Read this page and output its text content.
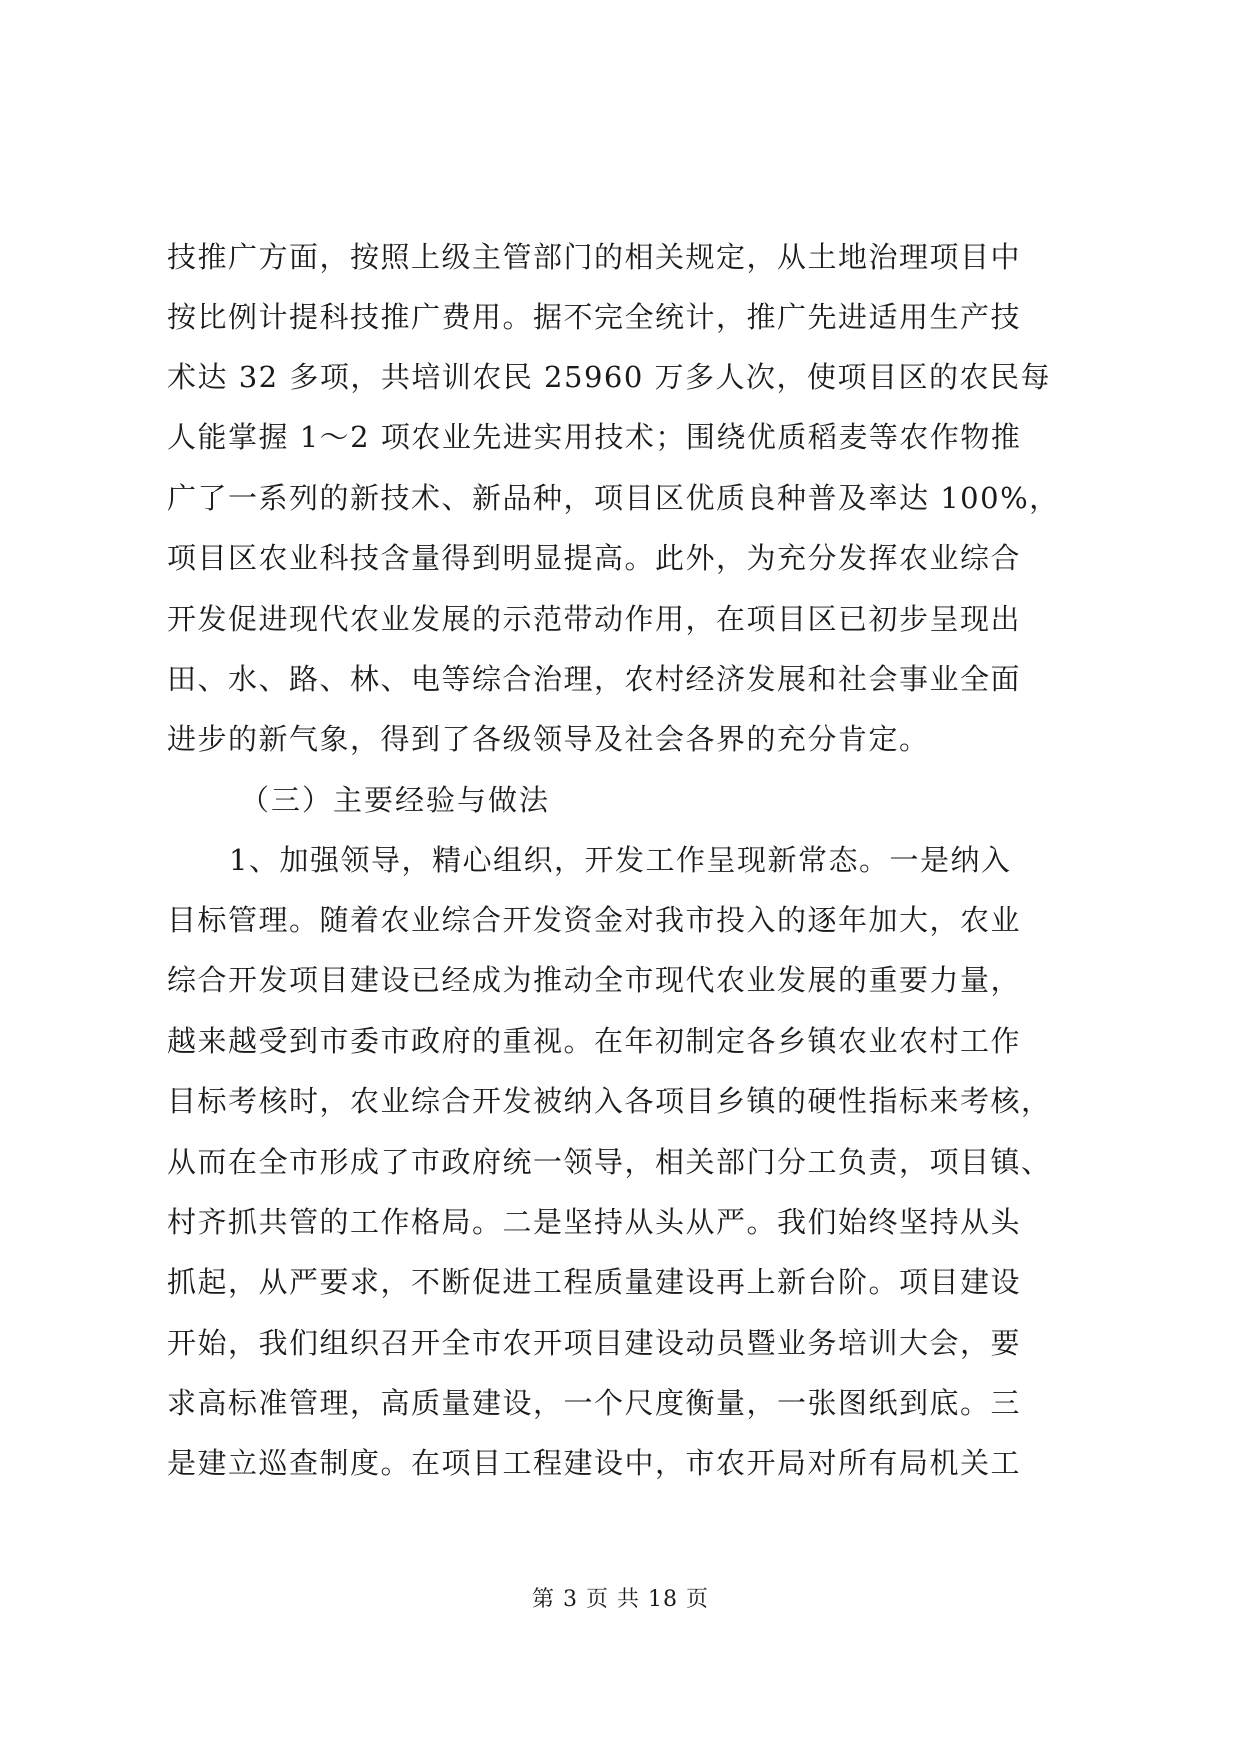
技推广方面，按照上级主管部门的相关规定，从土地治理项目中
按比例计提科技推广费用。据不完全统计，推广先进适用生产技
术达 32 多项，共培训农民 25960 万多人次，使项目区的农民每
人能掌握 1～2 项农业先进实用技术；围绕优质稻麦等农作物推
广了一系列的新技术、新品种，项目区优质良种普及率达 100%，
项目区农业科技含量得到明显提高。此外，为充分发挥农业综合
开发促进现代农业发展的示范带动作用，在项目区已初步呈现出
田、水、路、林、电等综合治理，农村经济发展和社会事业全面
进步的新气象，得到了各级领导及社会各界的充分肯定。
（三）主要经验与做法
1、加强领导，精心组织，开发工作呈现新常态。一是纳入
目标管理。随着农业综合开发资金对我市投入的逐年加大，农业
综合开发项目建设已经成为推动全市现代农业发展的重要力量，
越来越受到市委市政府的重视。在年初制定各乡镇农业农村工作
目标考核时，农业综合开发被纳入各项目乡镇的硬性指标来考核，
从而在全市形成了市政府统一领导，相关部门分工负责，项目镇、
村齐抓共管的工作格局。二是坚持从头从严。我们始终坚持从头
抓起，从严要求，不断促进工程质量建设再上新台阶。项目建设
开始，我们组织召开全市农开项目建设动员暨业务培训大会，要
求高标准管理，高质量建设，一个尺度衡量，一张图纸到底。三
是建立巡查制度。在项目工程建设中，市农开局对所有局机关工
第 3 页 共 18 页
